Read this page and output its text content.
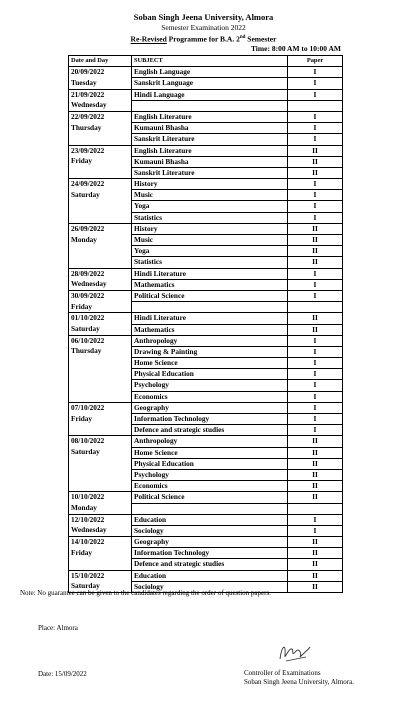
Soban Singh Jeena University, Almora
Semester Examination 2022
Re-Revised Programme for B.A. 2nd Semester
Time: 8:00 AM to 10:00 AM
Date and Day	SUBJECT	Paper
20/09/2022	English Language	I
Tuesday	Sanskrit Language	I
21/09/2022	Hindi Language	I
Wednesday		
22/09/2022	English Literature	I
Thursday	Kumauni Bhasha	I
	Sanskrit Literature	I
23/09/2022	English Literature	II
Friday	Kumauni Bhasha	II
	Sanskrit Literature	II
24/09/2022	History	I
Saturday	Music	I
	Yoga	I
	Statistics	I
26/09/2022	History	II
Monday	Music	II
	Yoga	II
	Statistics	II
28/09/2022	Hindi Literature	I
Wednesday	Mathematics	I
30/09/2022	Political Science	I
Friday		
01/10/2022	Hindi Literature	II
Saturday	Mathematics	II
06/10/2022	Anthropology	I
Thursday	Drawing & Painting	I
	Home Science	I
	Physical Education	I
	Psychology	I
	Economics	I
07/10/2022	Geography	I
Friday	Information Technology	I
	Defence and strategic studies	I
08/10/2022	Anthropology	II
Saturday	Home Science	II
	Physical Education	II
	Psychology	II
	Economics	II
10/10/2022	Political Science	II
Monday		
12/10/2022	Education	I
Wednesday	Sociology	I
14/10/2022	Geography	II
Friday	Information Technology	II
	Defence and strategic studies	II
15/10/2022	Education	II
Saturday	Sociology	II
Note: No guarantee can be given to the candidates regarding the order of question papers.
Place: Almora
Date: 15/09/2022	Controller of Examinations
Soban Singh Jeena University, Almora.
